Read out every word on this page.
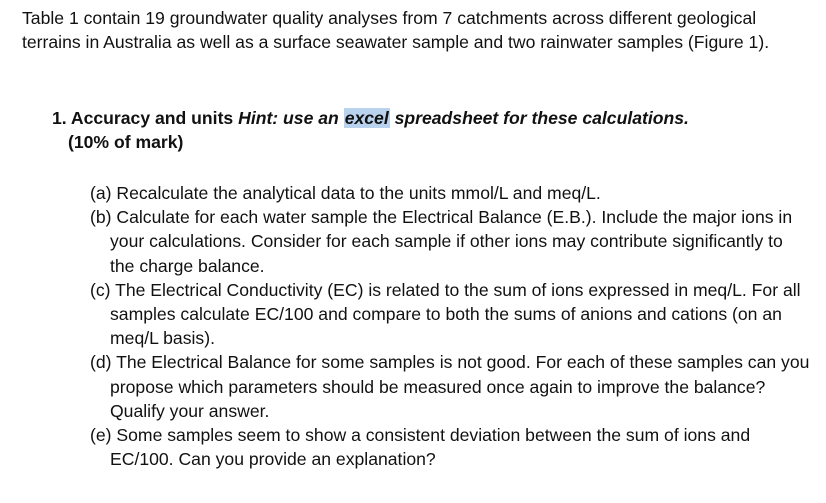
Table 1 contain 19 groundwater quality analyses from 7 catchments across different geological terrains in Australia as well as a surface seawater sample and two rainwater samples (Figure 1).
1. Accuracy and units Hint: use an excel spreadsheet for these calculations.
(10% of mark)
(a) Recalculate the analytical data to the units mmol/L and meq/L.
(b) Calculate for each water sample the Electrical Balance (E.B.). Include the major ions in your calculations. Consider for each sample if other ions may contribute significantly to the charge balance.
(c) The Electrical Conductivity (EC) is related to the sum of ions expressed in meq/L. For all samples calculate EC/100 and compare to both the sums of anions and cations (on an meq/L basis).
(d) The Electrical Balance for some samples is not good. For each of these samples can you propose which parameters should be measured once again to improve the balance? Qualify your answer.
(e) Some samples seem to show a consistent deviation between the sum of ions and EC/100. Can you provide an explanation?
